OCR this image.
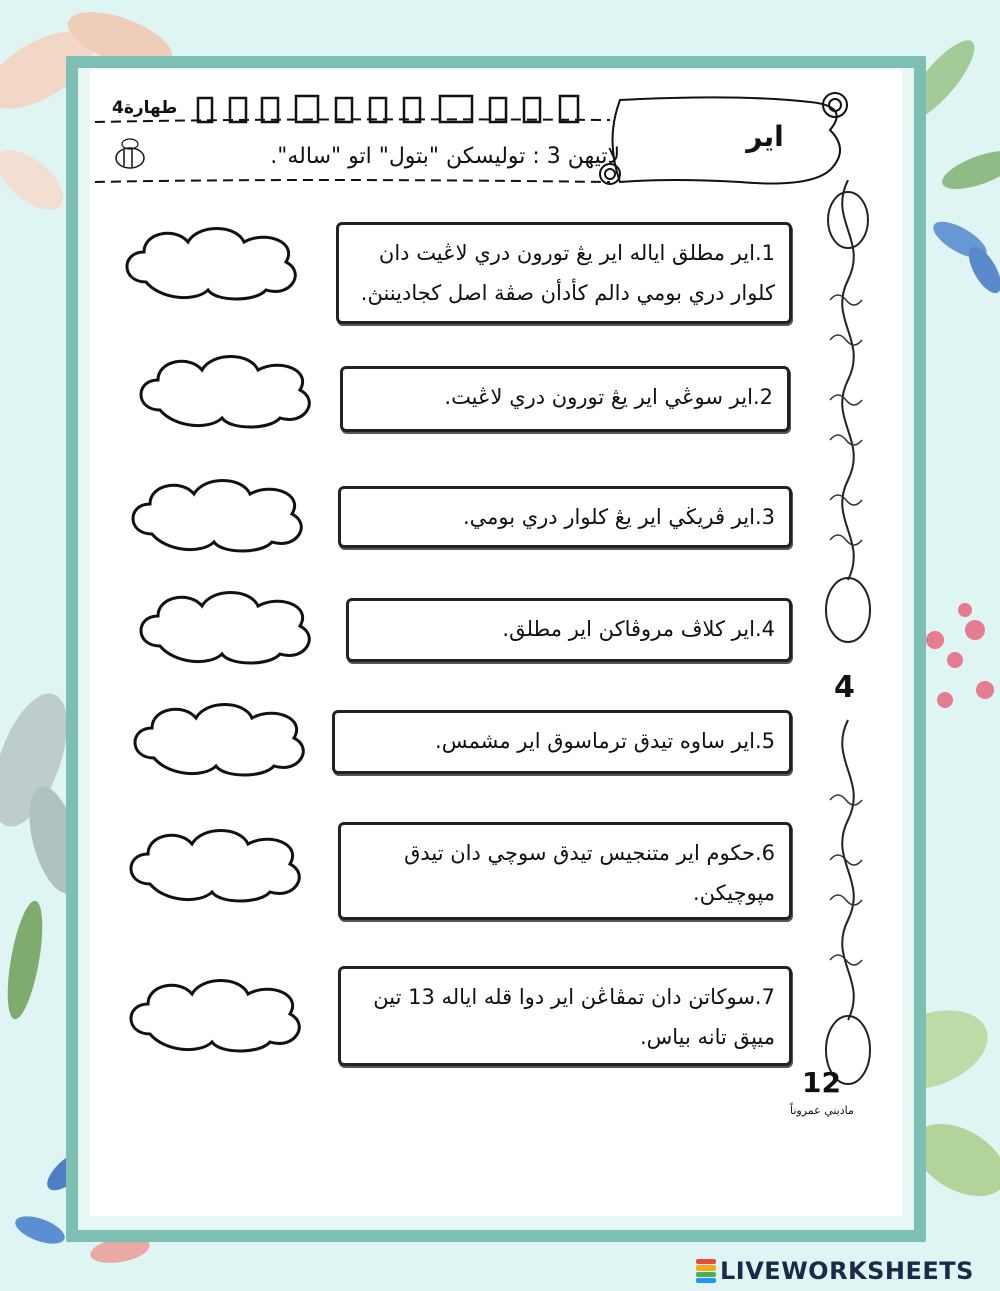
طهارة4
اير
لاتيهن 3 : توليسكن "بتول" اتو "ساله".
4
1.اير مطلق اياله اير يڠ تورون دري لاڠيت دان كلوار دري بومي دالم كأدأن صڨة اصل كجاديننڽ.
2.اير سوڠي اير يڠ تورون دري لاڠيت.
3.اير ڤريڬي اير يڠ كلوار دري بومي.
4.اير كلاڤ مروڤاكن اير مطلق.
5.اير ساوه تيدق ترماسوق اير مشمس.
6.حكوم اير متنجيس تيدق سوچي دان تيدق مپوچيكن.
7.سوكاتن دان تمڤاڠن اير دوا قله اياله 13 تين ميڽق تانه بياس.
12
ماديني عمروناً
LIVEWORKSHEETS
